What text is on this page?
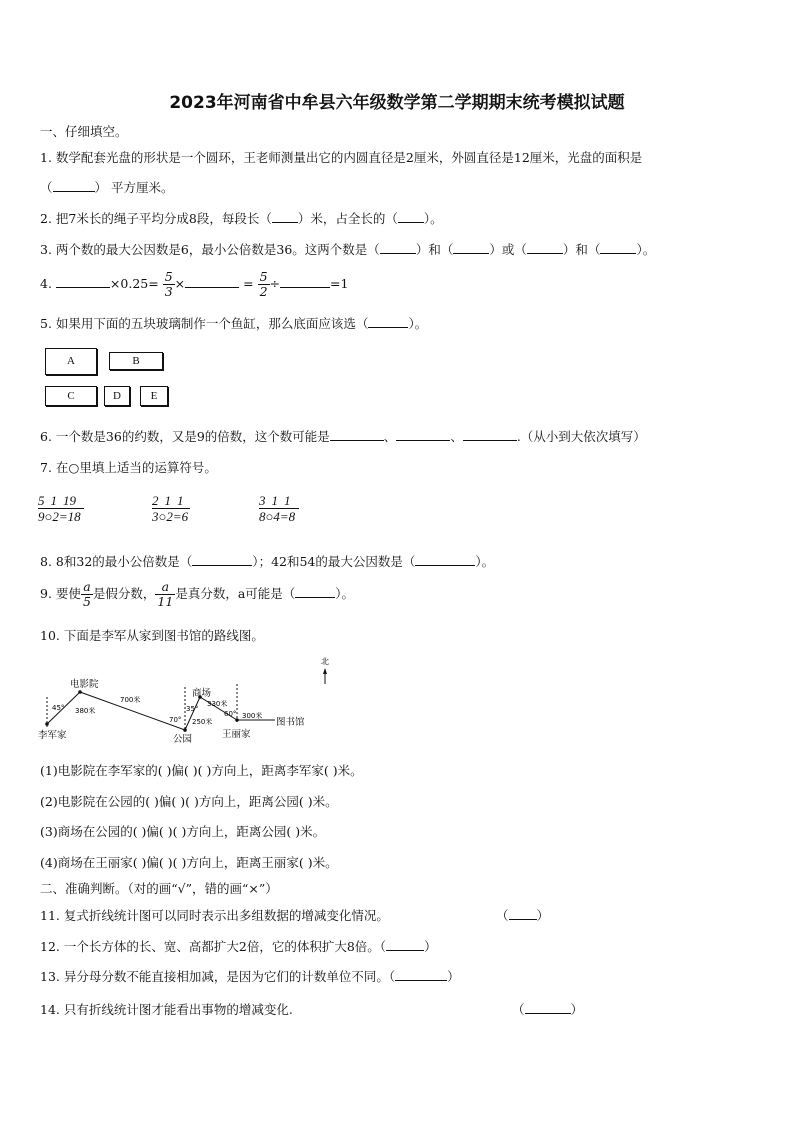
2023年河南省中牟县六年级数学第二学期期末统考模拟试题
一、仔细填空。
1. 数学配套光盘的形状是一个圆环，王老师测量出它的内圆直径是2厘米，外圆直径是12厘米，光盘的面积是
（	） 平方厘米。
2. 把7米长的绳子平均分成8段，每段长（ ）米，占全长的（ ）。
3. 两个数的最大公因数是6，最小公倍数是36。这两个数是（	）和（	）或（	）和（	）。
4.	$\times 0.25= \frac{5}{3}$ ×	= $\frac{5}{2}$ ÷	=1
5. 如果用下面的五块玻璃制作一个鱼缸，那么底面应该选（	）。
A	B
C	D	E
6. 一个数是36的约数，又是9的倍数，这个数可能是	、	、	.（从小到大依次填写）
7. 在○里填上适当的运算符号。
5 1 19
9○2=18
2 1 1
3○2=6
3 1 1
8○4=8
8. 8和32的最小公倍数是（	）；42和54的最大公因数是（	）。
9. 要使 $\frac{a}{5}$ 是假分数， $\frac{a}{11}$ 是真分数，a可能是（	）。
10. 下面是李军从家到图书馆的路线图。
北
电影院
李军家	公园
商场
王丽家
图书馆
380米
700米
250米
330米
300米
45°
70°
35°
60°
(1)电影院在李军家的( )偏( )( )方向上，距离李军家( )米。
(2)电影院在公园的( )偏( )( )方向上，距离公园( )米。
(3)商场在公园的( )偏( )( )方向上，距离公园( )米。
(4)商场在王丽家( )偏( )( )方向上，距离王丽家( )米。
二、准确判断。（对的画“√”，错的画“×”）
11. 复式折线统计图可以同时表示出多组数据的增减变化情况。	（ ）
12. 一个长方体的长、宽、高都扩大2倍，它的体积扩大8倍。（	）
13. 异分母分数不能直接相加减，是因为它们的计数单位不同。（	）
14. 只有折线统计图才能看出事物的增减变化.	（	）
